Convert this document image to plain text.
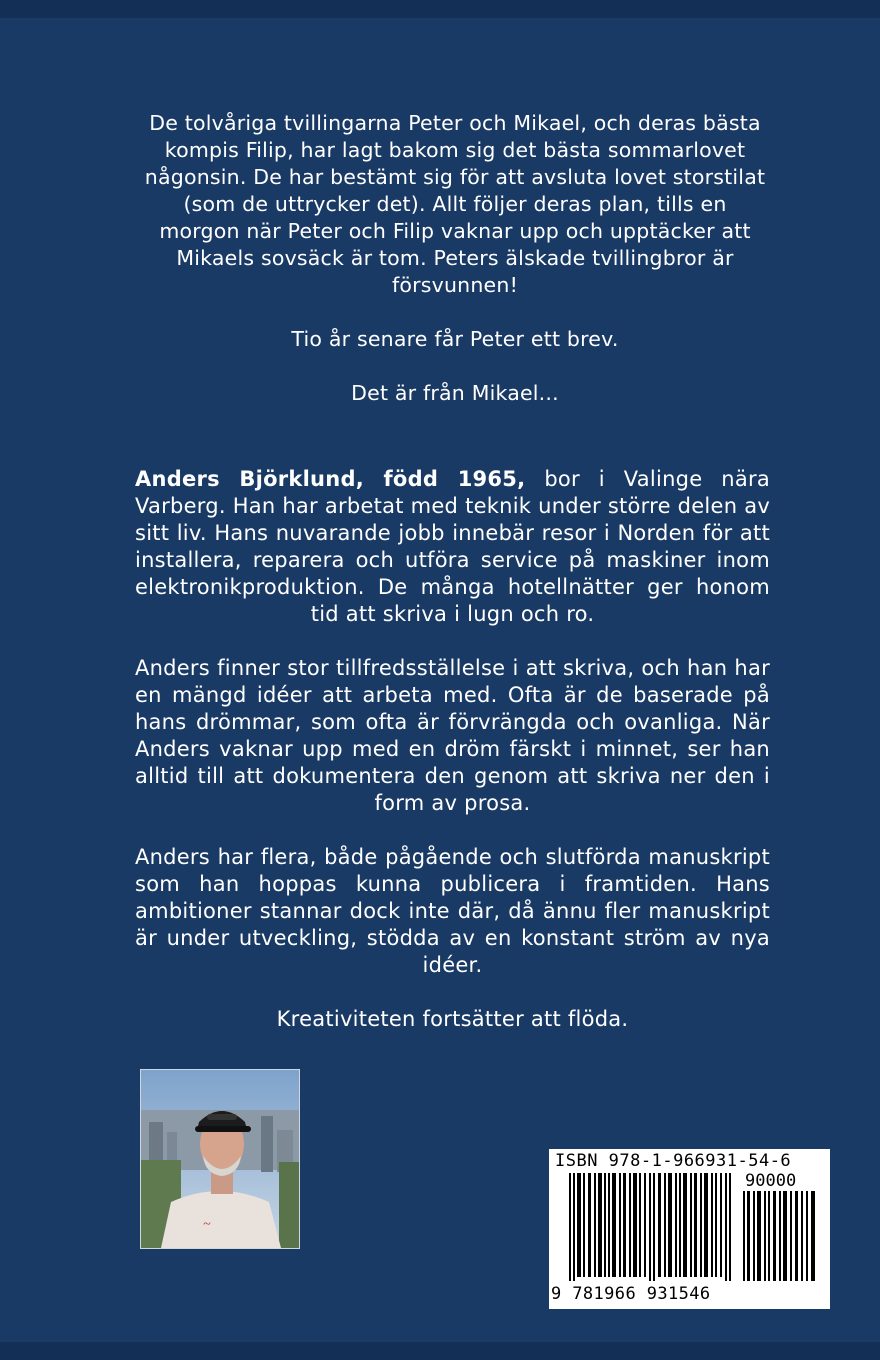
De tolvåriga tvillingarna Peter och Mikael, och deras bästa kompis Filip, har lagt bakom sig det bästa sommarlovet någonsin. De har bestämt sig för att avsluta lovet storstilat (som de uttrycker det). Allt följer deras plan, tills en morgon när Peter och Filip vaknar upp och upptäcker att Mikaels sovsäck är tom. Peters älskade tvillingbror är försvunnen!

Tio år senare får Peter ett brev.

Det är från Mikael...

Anders Björklund, född 1965, bor i Valinge nära Varberg. Han har arbetat med teknik under större delen av sitt liv. Hans nuvarande jobb innebär resor i Norden för att installera, reparera och utföra service på maskiner inom elektronikproduktion. De många hotellnätter ger honom tid att skriva i lugn och ro.

Anders finner stor tillfredsställelse i att skriva, och han har en mängd idéer att arbeta med. Ofta är de baserade på hans drömmar, som ofta är förvrängda och ovanliga. När Anders vaknar upp med en dröm färskt i minnet, ser han alltid till att dokumentera den genom att skriva ner den i form av prosa.

Anders har flera, både pågående och slutförda manuskript som han hoppas kunna publicera i framtiden. Hans ambitioner stannar dock inte där, då ännu fler manuskript är under utveckling, stödda av en konstant ström av nya idéer.

Kreativiteten fortsätter att flöda.

~
ISBN 978-1-966931-54-6
90000
9 781966 931546
